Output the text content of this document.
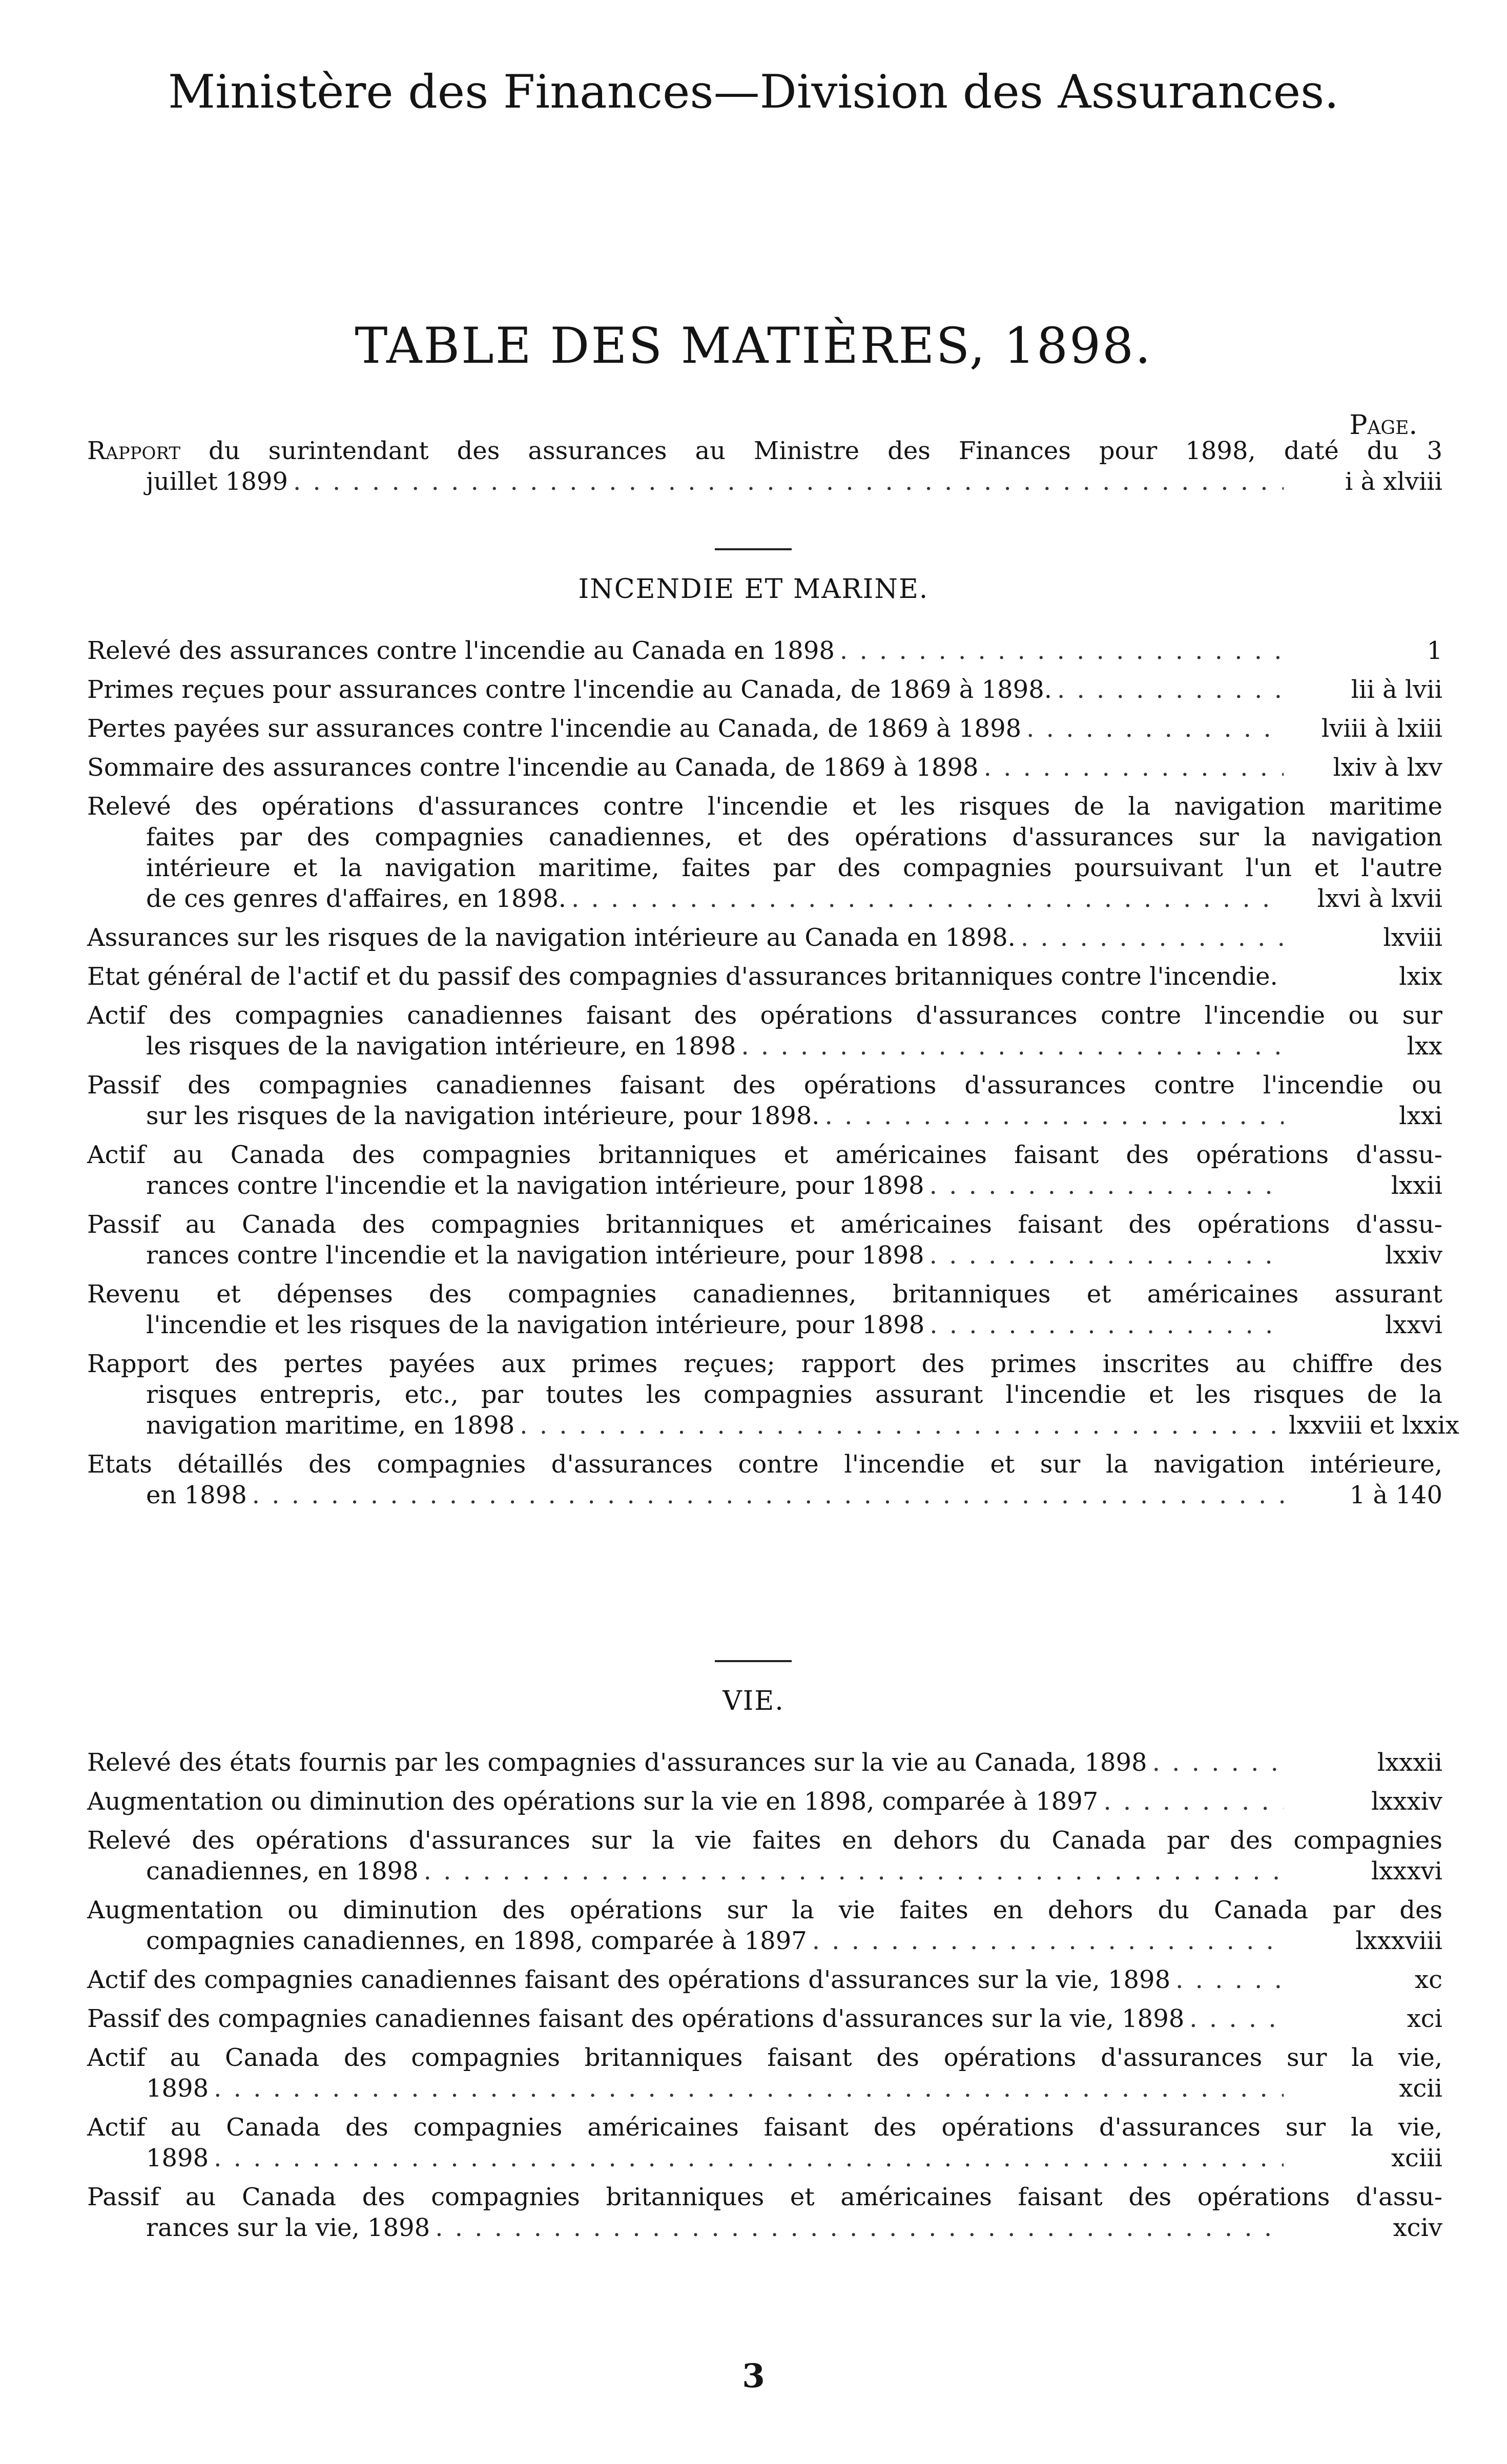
Ministère des Finances—Division des Assurances.
TABLE DES MATIÈRES, 1898.
Page.
Rapport du surintendant des assurances au Ministre des Finances pour 1898, daté du 3
juillet 1899 . . .	i à xlviii
INCENDIE ET MARINE.
Relevé des assurances contre l'incendie au Canada en 1898 . . .	1
Primes reçues pour assurances contre l'incendie au Canada, de 1869 à 1898. . . .	lii à lvii
Pertes payées sur assurances contre l'incendie au Canada, de 1869 à 1898 . . .	lviii à lxiii
Sommaire des assurances contre l'incendie au Canada, de 1869 à 1898 . . .	lxiv à lxv
Relevé des opérations d'assurances contre l'incendie et les risques de la navigation maritime
faites par des compagnies canadiennes, et des opérations d'assurances sur la navigation
intérieure et la navigation maritime, faites par des compagnies poursuivant l'un et l'autre
de ces genres d'affaires, en 1898. . . .	lxvi à lxvii
Assurances sur les risques de la navigation intérieure au Canada en 1898. . . .	lxviii
Etat général de l'actif et du passif des compagnies d'assurances britanniques contre l'incendie. . . .	lxix
Actif des compagnies canadiennes faisant des opérations d'assurances contre l'incendie ou sur
les risques de la navigation intérieure, en 1898 . . .	lxx
Passif des compagnies canadiennes faisant des opérations d'assurances contre l'incendie ou
sur les risques de la navigation intérieure, pour 1898. . . .	lxxi
Actif au Canada des compagnies britanniques et américaines faisant des opérations d'assu-
rances contre l'incendie et la navigation intérieure, pour 1898 . . .	lxxii
Passif au Canada des compagnies britanniques et américaines faisant des opérations d'assu-
rances contre l'incendie et la navigation intérieure, pour 1898 . . .	lxxiv
Revenu et dépenses des compagnies canadiennes, britanniques et américaines assurant
l'incendie et les risques de la navigation intérieure, pour 1898 . . .	lxxvi
Rapport des pertes payées aux primes reçues; rapport des primes inscrites au chiffre des
risques entrepris, etc., par toutes les compagnies assurant l'incendie et les risques de la
navigation maritime, en 1898 . . .	lxxviii et lxxix
Etats détaillés des compagnies d'assurances contre l'incendie et sur la navigation intérieure,
en 1898 . . .	1 à 140
VIE.
Relevé des états fournis par les compagnies d'assurances sur la vie au Canada, 1898 . . .	lxxxii
Augmentation ou diminution des opérations sur la vie en 1898, comparée à 1897 . . .	lxxxiv
Relevé des opérations d'assurances sur la vie faites en dehors du Canada par des compagnies
canadiennes, en 1898 . . .	lxxxvi
Augmentation ou diminution des opérations sur la vie faites en dehors du Canada par des
compagnies canadiennes, en 1898, comparée à 1897 . . .	lxxxviii
Actif des compagnies canadiennes faisant des opérations d'assurances sur la vie, 1898 . . .	xc
Passif des compagnies canadiennes faisant des opérations d'assurances sur la vie, 1898 . . .	xci
Actif au Canada des compagnies britanniques faisant des opérations d'assurances sur la vie,
1898 . . .	xcii
Actif au Canada des compagnies américaines faisant des opérations d'assurances sur la vie,
1898 . . .	xciii
Passif au Canada des compagnies britanniques et américaines faisant des opérations d'assu-
rances sur la vie, 1898 . . .	xciv
3
